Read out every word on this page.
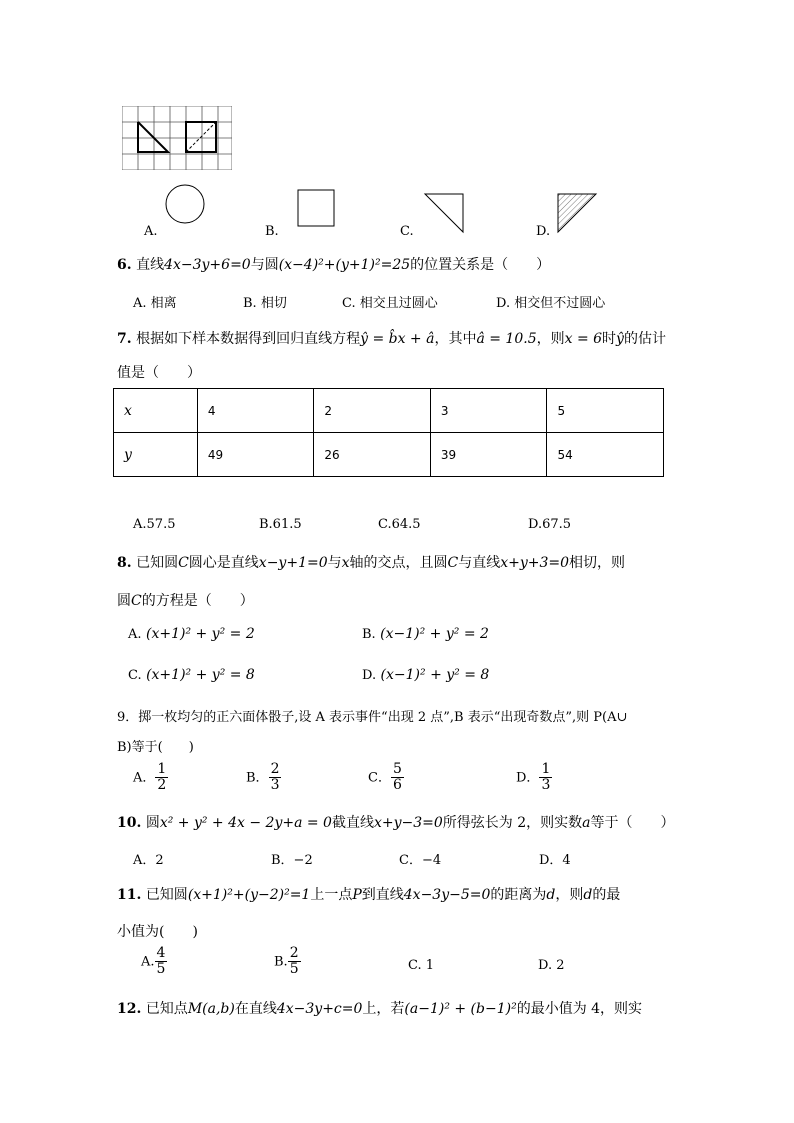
A.	B.	C.	D.
6. 直线4x−3y+6=0与圆(x−4)²+(y+1)²=25的位置关系是（　　）
A. 相离	B. 相切	C. 相交且过圆心	D. 相交但不过圆心
7. 根据如下样本数据得到回归直线方程ŷ = b̂x + â，其中â = 10.5，则x = 6时ŷ的估计
值是（　　）
x	4	2	3	5
y	49	26	39	54
A.57.5	B.61.5	C.64.5	D.67.5
8. 已知圆C圆心是直线x−y+1=0与x轴的交点，且圆C与直线x+y+3=0相切，则
圆C的方程是（　　）
A. (x+1)² + y² = 2	B. (x−1)² + y² = 2
C. (x+1)² + y² = 8	D. (x−1)² + y² = 8
9．掷一枚均匀的正六面体骰子,设 A 表示事件“出现 2 点”,B 表示“出现奇数点”,则 P(A∪
B)等于(　　)
A． $\frac{1}{2}$	B． $\frac{2}{3}$	C． $\frac{5}{6}$	D． $\frac{1}{3}$
10. 圆x² + y² + 4x − 2y+a = 0截直线x+y−3=0所得弦长为 2，则实数a等于（　　）
A．2	B．−2	C．−4	D．4
11. 已知圆(x+1)²+(y−2)²=1上一点P到直线4x−3y−5=0的距离为d，则d的最
小值为(　　)
A. $\frac{4}{5}$	B. $\frac{2}{5}$	C. 1	D. 2
12. 已知点M(a,b)在直线4x−3y+c=0上，若(a−1)² + (b−1)²的最小值为 4，则实
